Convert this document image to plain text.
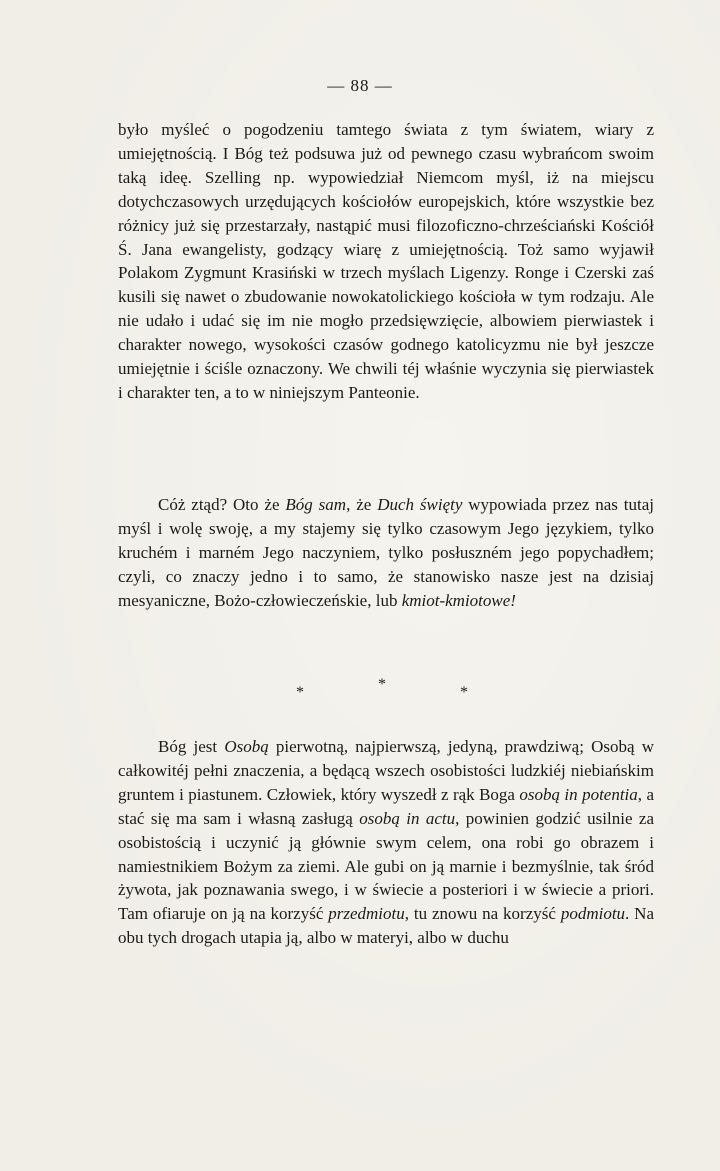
— 88 —

było myśleć o pogodzeniu tamtego świata z tym światem, wiary z umiejętnością. I Bóg też podsuwa już od pewnego czasu wybrańcom swoim taką ideę. Szelling np. wypowiedział Niemcom myśl, iż na miejscu dotychczasowych urzędujących kościołów europejskich, które wszystkie bez różnicy już się przestarzały, nastąpić musi filozoficzno-chrześciański Kościół Ś. Jana ewangelisty, godzący wiarę z umiejętnością. Toż samo wyjawił Polakom Zygmunt Krasiński w trzech myślach Ligenzy. Ronge i Czerski zaś kusili się nawet o zbudowanie nowokatolickiego kościoła w tym rodzaju. Ale nie udało i udać się im nie mogło przedsięwzięcie, albowiem pierwiastek i charakter nowego, wysokości czasów godnego katolicyzmu nie był jeszcze umiejętnie i ściśle oznaczony. We chwili téj właśnie wyczynia się pierwiastek i charakter ten, a to w niniejszym Panteonie.

Cóż ztąd? Oto że Bóg sam, że Duch święty wypowiada przez nas tutaj myśl i wolę swoję, a my stajemy się tylko czasowym Jego językiem, tylko kruchém i marném Jego naczyniem, tylko posłuszném jego popychadłem; czyli, co znaczy jedno i to samo, że stanowisko nasze jest na dzisiaj mesyaniczne, Bożo-człowieczeńskie, lub kmiot-kmiotowe!

*	*	*

Bóg jest Osobą pierwotną, najpierwszą, jedyną, prawdziwą; Osobą w całkowitéj pełni znaczenia, a będącą wszech osobistości ludzkiéj niebiańskim gruntem i piastunem. Człowiek, który wyszedł z rąk Boga osobą in potentia, a stać się ma sam i własną zasługą osobą in actu, powinien godzić usilnie za osobistością i uczynić ją głównie swym celem, ona robi go obrazem i namiestnikiem Bożym za ziemi. Ale gubi on ją marnie i bezmyślnie, tak śród żywota, jak poznawania swego, i w świecie a posteriori i w świecie a priori. Tam ofiaruje on ją na korzyść przedmiotu, tu znowu na korzyść podmiotu. Na obu tych drogach utapia ją, albo w materyi, albo w duchu
